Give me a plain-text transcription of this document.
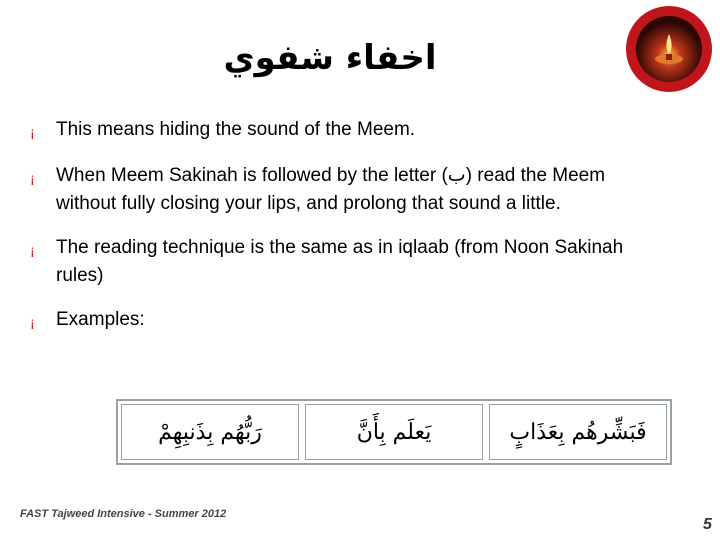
اخفاء شفوي
¡	This means hiding the sound of the Meem.
¡	When Meem Sakinah is followed by the letter (ب) read the Meem without fully closing your lips, and prolong that sound a little.
¡	The reading technique is the same as in iqlaab (from Noon Sakinah rules)
¡	Examples:
رَبُّهُم بِذَنبِهِمْ	يَعلَم بِأَنَّ	فَبَشِّرهُم بِعَذَابٍ
FAST Tajweed Intensive - Summer 2012
5
